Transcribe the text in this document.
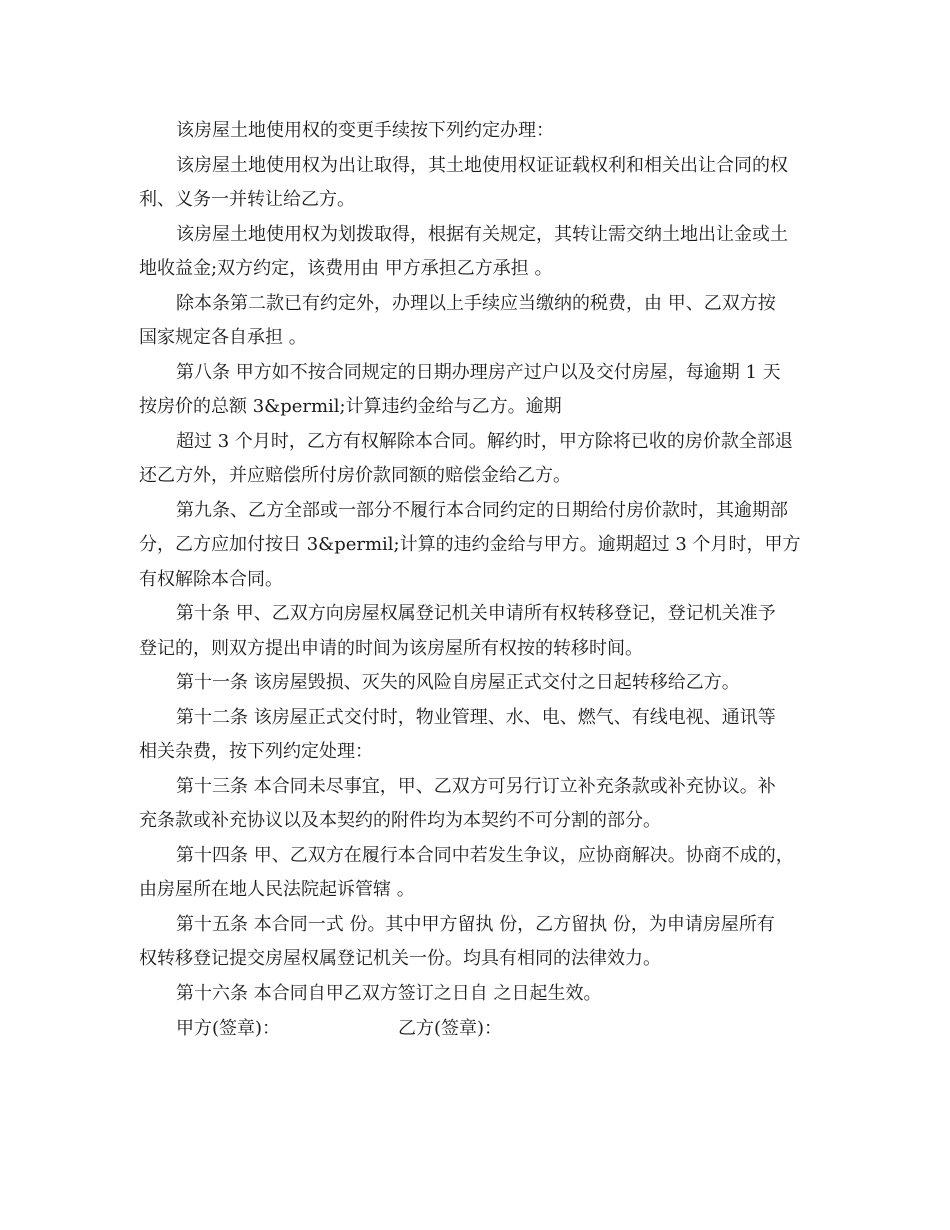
该房屋土地使用权的变更手续按下列约定办理：
该房屋土地使用权为出让取得，其土地使用权证证载权利和相关出让合同的权
利、义务一并转让给乙方。
该房屋土地使用权为划拨取得，根据有关规定，其转让需交纳土地出让金或土
地收益金;双方约定，该费用由 甲方承担乙方承担 。
除本条第二款已有约定外，办理以上手续应当缴纳的税费，由 甲、乙双方按
国家规定各自承担 。
第八条 甲方如不按合同规定的日期办理房产过户以及交付房屋，每逾期 1 天
按房价的总额 3&permil;计算违约金给与乙方。逾期
超过 3 个月时，乙方有权解除本合同。解约时，甲方除将已收的房价款全部退
还乙方外，并应赔偿所付房价款同额的赔偿金给乙方。
第九条、乙方全部或一部分不履行本合同约定的日期给付房价款时，其逾期部
分，乙方应加付按日 3&permil;计算的违约金给与甲方。逾期超过 3 个月时，甲方
有权解除本合同。
第十条 甲、乙双方向房屋权属登记机关申请所有权转移登记，登记机关准予
登记的，则双方提出申请的时间为该房屋所有权按的转移时间。
第十一条 该房屋毁损、灭失的风险自房屋正式交付之日起转移给乙方。
第十二条 该房屋正式交付时，物业管理、水、电、燃气、有线电视、通讯等
相关杂费，按下列约定处理：
第十三条 本合同未尽事宜，甲、乙双方可另行订立补充条款或补充协议。补
充条款或补充协议以及本契约的附件均为本契约不可分割的部分。
第十四条 甲、乙双方在履行本合同中若发生争议，应协商解决。协商不成的，
由房屋所在地人民法院起诉管辖 。
第十五条 本合同一式 份。其中甲方留执 份，乙方留执 份，为申请房屋所有
权转移登记提交房屋权属登记机关一份。均具有相同的法律效力。
第十六条 本合同自甲乙双方签订之日自 之日起生效。
甲方(签章)：	乙方(签章)：
